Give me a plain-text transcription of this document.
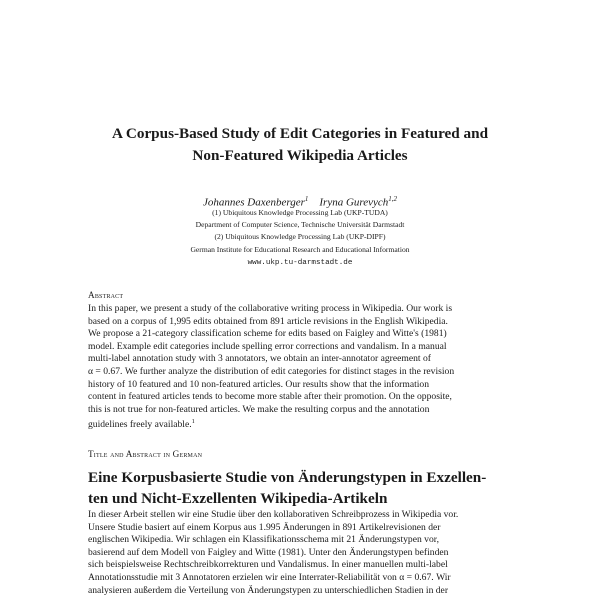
A Corpus-Based Study of Edit Categories in Featured and
Non-Featured Wikipedia Articles
Johannes Daxenberger$^1$ Iryna Gurevych$^{1,2}$
(1) Ubiquitous Knowledge Processing Lab (UKP-TUDA)
Department of Computer Science, Technische Universität Darmstadt
(2) Ubiquitous Knowledge Processing Lab (UKP-DIPF)
German Institute for Educational Research and Educational Information
www.ukp.tu-darmstadt.de
Abstract
In this paper, we present a study of the collaborative writing process in Wikipedia. Our work is
based on a corpus of 1,995 edits obtained from 891 article revisions in the English Wikipedia.
We propose a 21-category classification scheme for edits based on Faigley and Witte's (1981)
model. Example edit categories include spelling error corrections and vandalism. In a manual
multi-label annotation study with 3 annotators, we obtain an inter-annotator agreement of
α = 0.67. We further analyze the distribution of edit categories for distinct stages in the revision
history of 10 featured and 10 non-featured articles. Our results show that the information
content in featured articles tends to become more stable after their promotion. On the opposite,
this is not true for non-featured articles. We make the resulting corpus and the annotation
guidelines freely available.$^1$
Title and Abstract in German
Eine Korpusbasierte Studie von Änderungstypen in Exzellen-
ten und Nicht-Exzellenten Wikipedia-Artikeln
In dieser Arbeit stellen wir eine Studie über den kollaborativen Schreibprozess in Wikipedia vor.
Unsere Studie basiert auf einem Korpus aus 1.995 Änderungen in 891 Artikelrevisionen der
englischen Wikipedia. Wir schlagen ein Klassifikationsschema mit 21 Änderungstypen vor,
basierend auf dem Modell von Faigley and Witte (1981). Unter den Änderungstypen befinden
sich beispielsweise Rechtschreibkorrekturen und Vandalismus. In einer manuellen multi-label
Annotationsstudie mit 3 Annotatoren erzielen wir eine Interrater-Reliabilität von α = 0.67. Wir
analysieren außerdem die Verteilung von Änderungstypen zu unterschiedlichen Stadien in der
